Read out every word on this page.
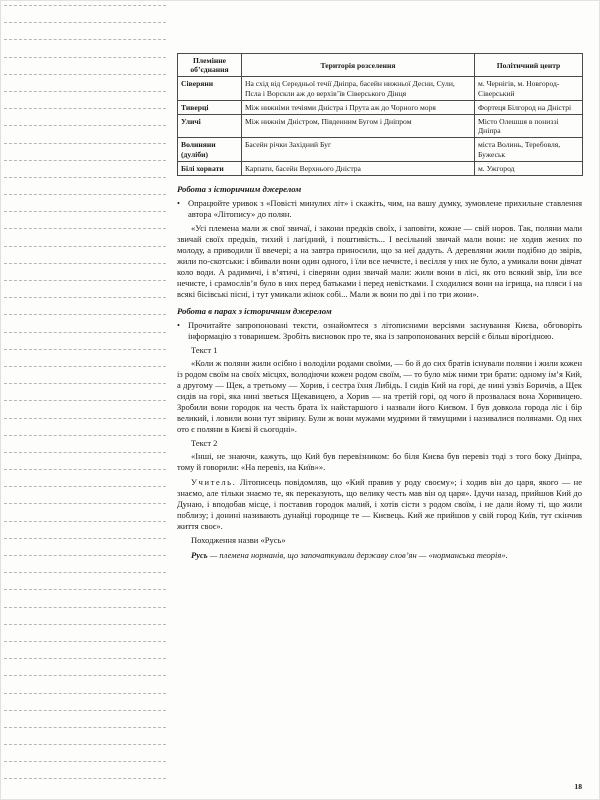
Племінне об’єднання	Територія розселення	Політичний центр
Сіверяни	На схід від Середньої течії Дніпра, басейн нижньої Десни, Сули, Псла і Ворскли аж до верхів’їв Сіверського Дінця	м. Чернігів, м. Новгород-Сіверський
Тиверці	Між нижніми течіями Дністра і Прута аж до Чорного моря	Фортеця Білгород на Дністрі
Уличі	Між нижнім Дністром, Південним Бугом і Дніпром	Місто Олешшя в пониззі Дніпра
Волиняни (дуліби)	Басейн річки Західний Буг	міста Волинь, Теребовля, Бужеськ
Білі хорвати	Карпати, басейн Верхнього Дністра	м. Ужгород

Робота з історичним джерелом

• Опрацюйте уривок з «Повісті минулих літ» і скажіть, чим, на вашу думку, зумовлене прихильне ставлення автора «Літопису» до полян.

«Усі племена мали ж свої звичаї, і закони предків своїх, і заповіти, кожне — свій норов. Так, поляни мали звичай своїх предків, тихий і лагідний, і поштивість... І весільний звичай мали вони: не ходив жених по молоду, а приводили її ввечері; а на завтра приносили, що за неї дадуть. А деревляни жили подібно до звірів, жили по-скотськи: і вбивали вони один одного, і їли все нечисте, і весілля у них не було, а умикали вони дівчат коло води. А радимичі, і в’ятичі, і сіверяни один звичай мали: жили вони в лісі, як ото всякий звір, їли все нечисте, і срамослів’я було в них перед батьками і перед невістками. І сходилися вони на ігрища, на пляси і на всякі бісівські пісні, і тут умикали жінок собі... Мали ж вони по дві і по три жони».

Робота в парах з історичним джерелом

• Прочитайте запропоновані тексти, ознайомтеся з літописними версіями заснування Києва, обговоріть інформацію з товаришем. Зробіть висновок про те, яка із запропонованих версій є більш вірогідною.

Текст 1

«Коли ж поляни жили осібно і володіли родами своїми, — бо й до сих братів існували поляни і жили кожен із родом своїм на своїх місцях, володіючи кожен родом своїм, — то було між ними три брати: одному ім’я Кий, а другому — Щек, а третьому — Хорив, і сестра їхня Либідь. І сидів Кий на горі, де нині узвіз Боричів, а Щек сидів на горі, яка нині зветься Щекавицею, а Хорив — на третій горі, од чого й прозвалася вона Хоривицею. Зробили вони городок на честь брата їх найстаршого і назвали його Києвом. І був довкола города ліс і бір великий, і ловили вони тут звірину. Були ж вони мужами мудрими й тямущими і називалися полянами. Од них ото є поляни в Києві й сьогодні».

Текст 2

«Інші, не знаючи, кажуть, що Кий був перевізником: бо біля Києва був перевіз тоді з того боку Дніпра, тому й говорили: «На перевіз, на Київ»».

Учитель. Літописець повідомляв, що «Кий правив у роду своєму»; і ходив він до царя, якого — не знаємо, але тільки знаємо те, як переказують, що велику честь мав він од царя». Ідучи назад, прийшов Кий до Дунаю, і вподобав місце, і поставив городок малий, і хотів сісти з родом своїм, і не дали йому ті, що жили поблизу; і донині називають дунайці городище те — Києвець. Кий же прийшов у свій город Київ, тут скінчив життя своє».

Походження назви «Русь»

Русь — племена норманів, що започаткували державу слов’ян — «норманська теорія».

18
